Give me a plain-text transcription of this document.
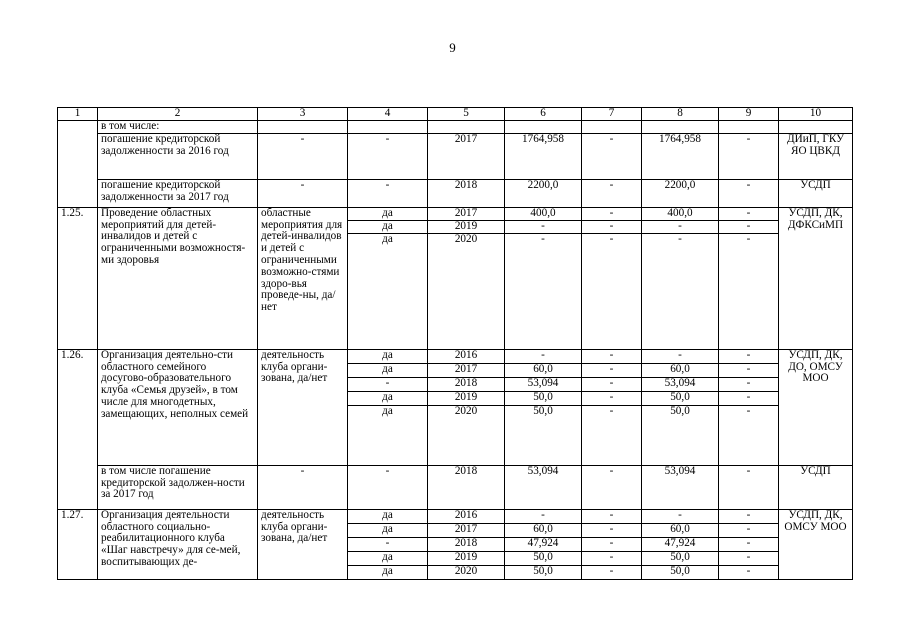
9
1	2	3	4	5	6	7	8	9	10
	в том числе:								
	погашение кредиторской задолженности за 2016 год	-	-	2017	1764,958	-	1764,958	-	ДИиП, ГКУ ЯО ЦВКД
	погашение кредиторской задолженности за 2017 год	-	-	2018	2200,0	-	2200,0	-	УСДП
1.25.	Проведение областных мероприятий для детей-инвалидов и детей с ограниченными возможностя-ми здоровья	областные мероприятия для детей-инвалидов и детей с ограниченными возможно-стями здоро-вья проведе-ны, да/нет	да	2017	400,0	-	400,0	-	УСДП, ДК, ДФКСиМП
			да	2019	-	-	-	-	
			да	2020	-	-	-	-	
1.26.	Организация деятельно-сти областного семейного досугово-образовательного клуба «Семья друзей», в том числе для многодетных, замещающих, неполных семей	деятельность клуба органи-зована, да/нет	да	2016	-	-	-	-	УСДП, ДК, ДО, ОМСУ МОО
			да	2017	60,0	-	60,0	-	
			-	2018	53,094	-	53,094	-	
			да	2019	50,0	-	50,0	-	
			да	2020	50,0	-	50,0	-	
	в том числе погашение кредиторской задолжен-ности за 2017 год	-	-	2018	53,094	-	53,094	-	УСДП
1.27.	Организация деятельности областного социально-реабилитационного клуба «Шаг навстречу» для се-мей, воспитывающих де-	деятельность клуба органи-зована, да/нет	да	2016	-	-	-	-	УСДП, ДК, ОМСУ МОО
			да	2017	60,0	-	60,0	-	
			-	2018	47,924	-	47,924	-	
			да	2019	50,0	-	50,0	-	
			да	2020	50,0	-	50,0	-	
